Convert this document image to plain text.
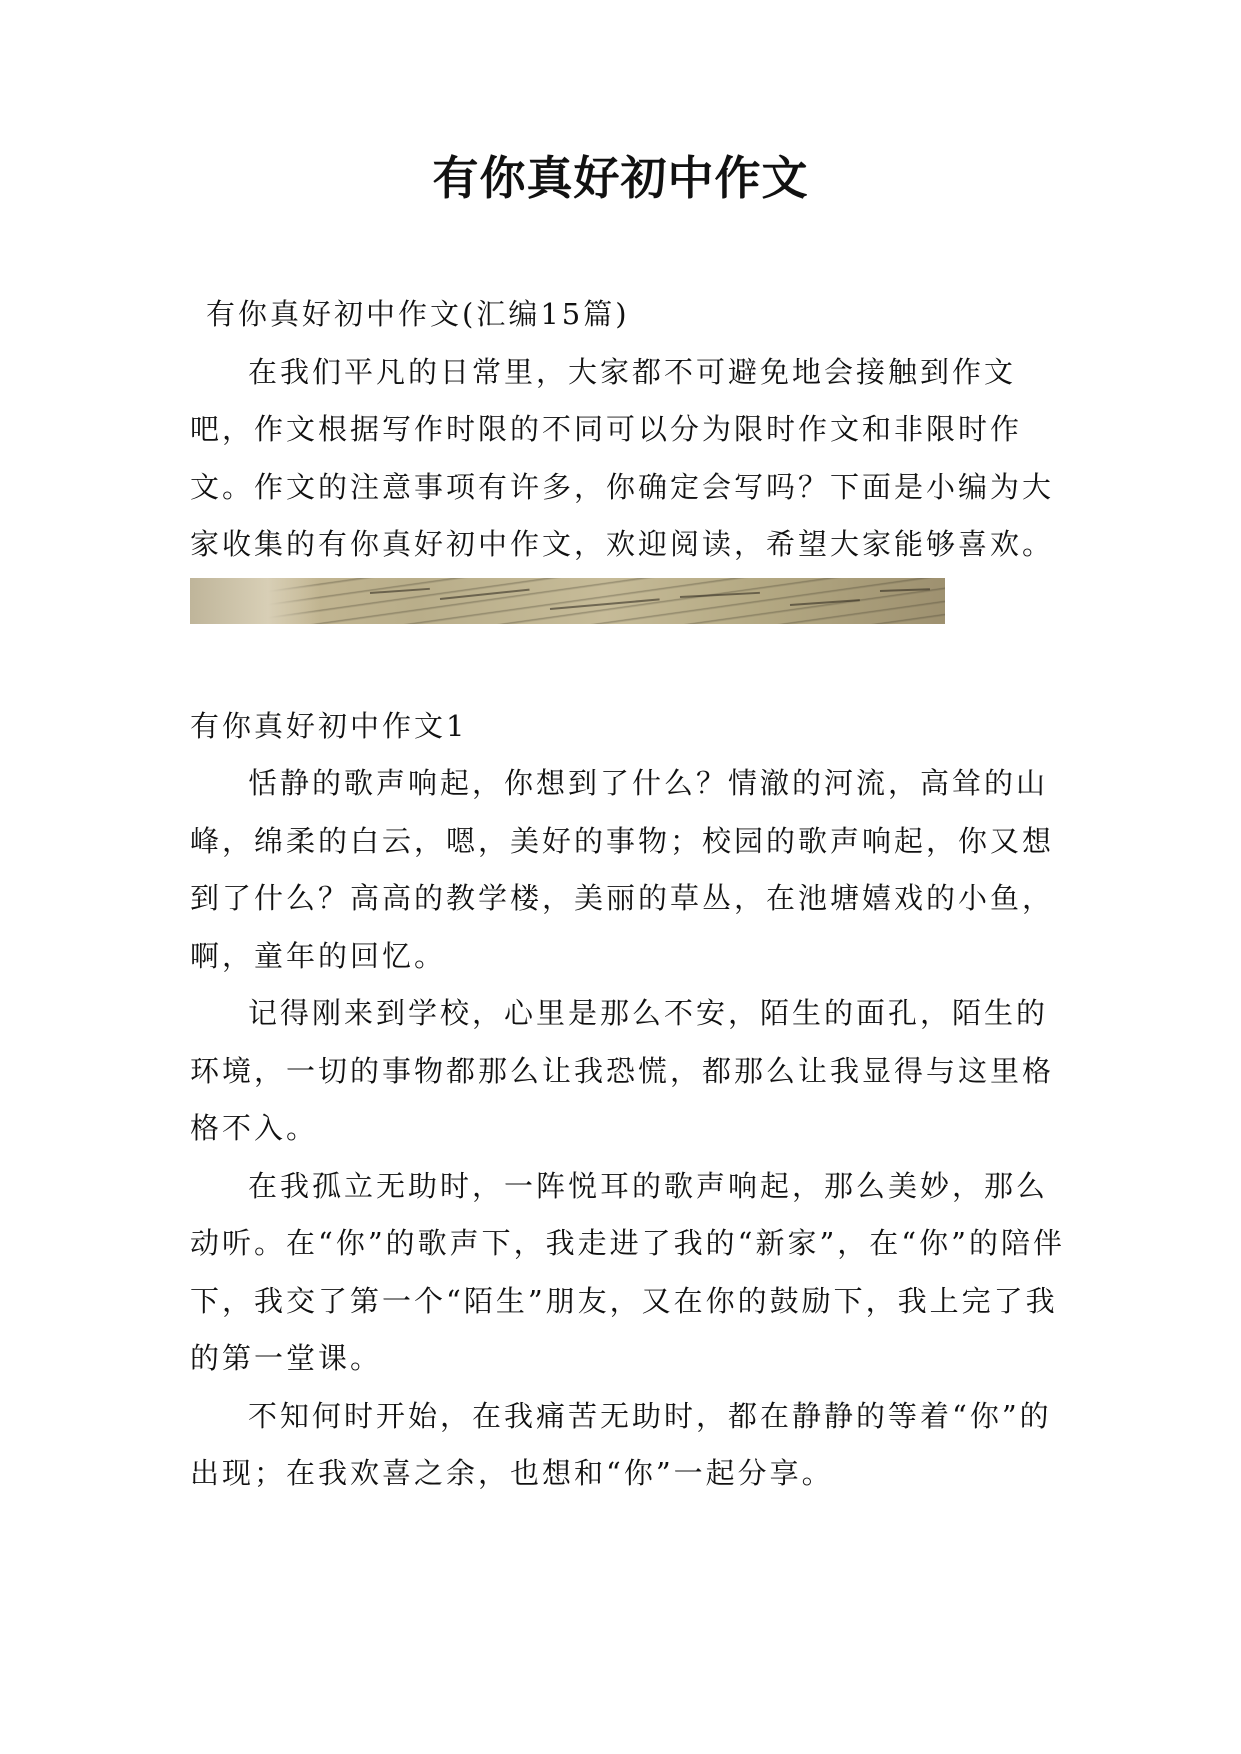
有你真好初中作文
有你真好初中作文(汇编15篇)

在我们平凡的日常里，大家都不可避免地会接触到作文吧，作文根据写作时限的不同可以分为限时作文和非限时作文。作文的注意事项有许多，你确定会写吗？下面是小编为大家收集的有你真好初中作文，欢迎阅读，希望大家能够喜欢。

有你真好初中作文1

恬静的歌声响起，你想到了什么？情澈的河流，高耸的山峰，绵柔的白云，嗯，美好的事物；校园的歌声响起，你又想到了什么？高高的教学楼，美丽的草丛，在池塘嬉戏的小鱼，啊，童年的回忆。

记得刚来到学校，心里是那么不安，陌生的面孔，陌生的环境，一切的事物都那么让我恐慌，都那么让我显得与这里格格不入。

在我孤立无助时，一阵悦耳的歌声响起，那么美妙，那么动听。在“你”的歌声下，我走进了我的“新家”，在“你”的陪伴下，我交了第一个“陌生”朋友，又在你的鼓励下，我上完了我的第一堂课。

不知何时开始，在我痛苦无助时，都在静静的等着“你”的出现；在我欢喜之余，也想和“你”一起分享。
